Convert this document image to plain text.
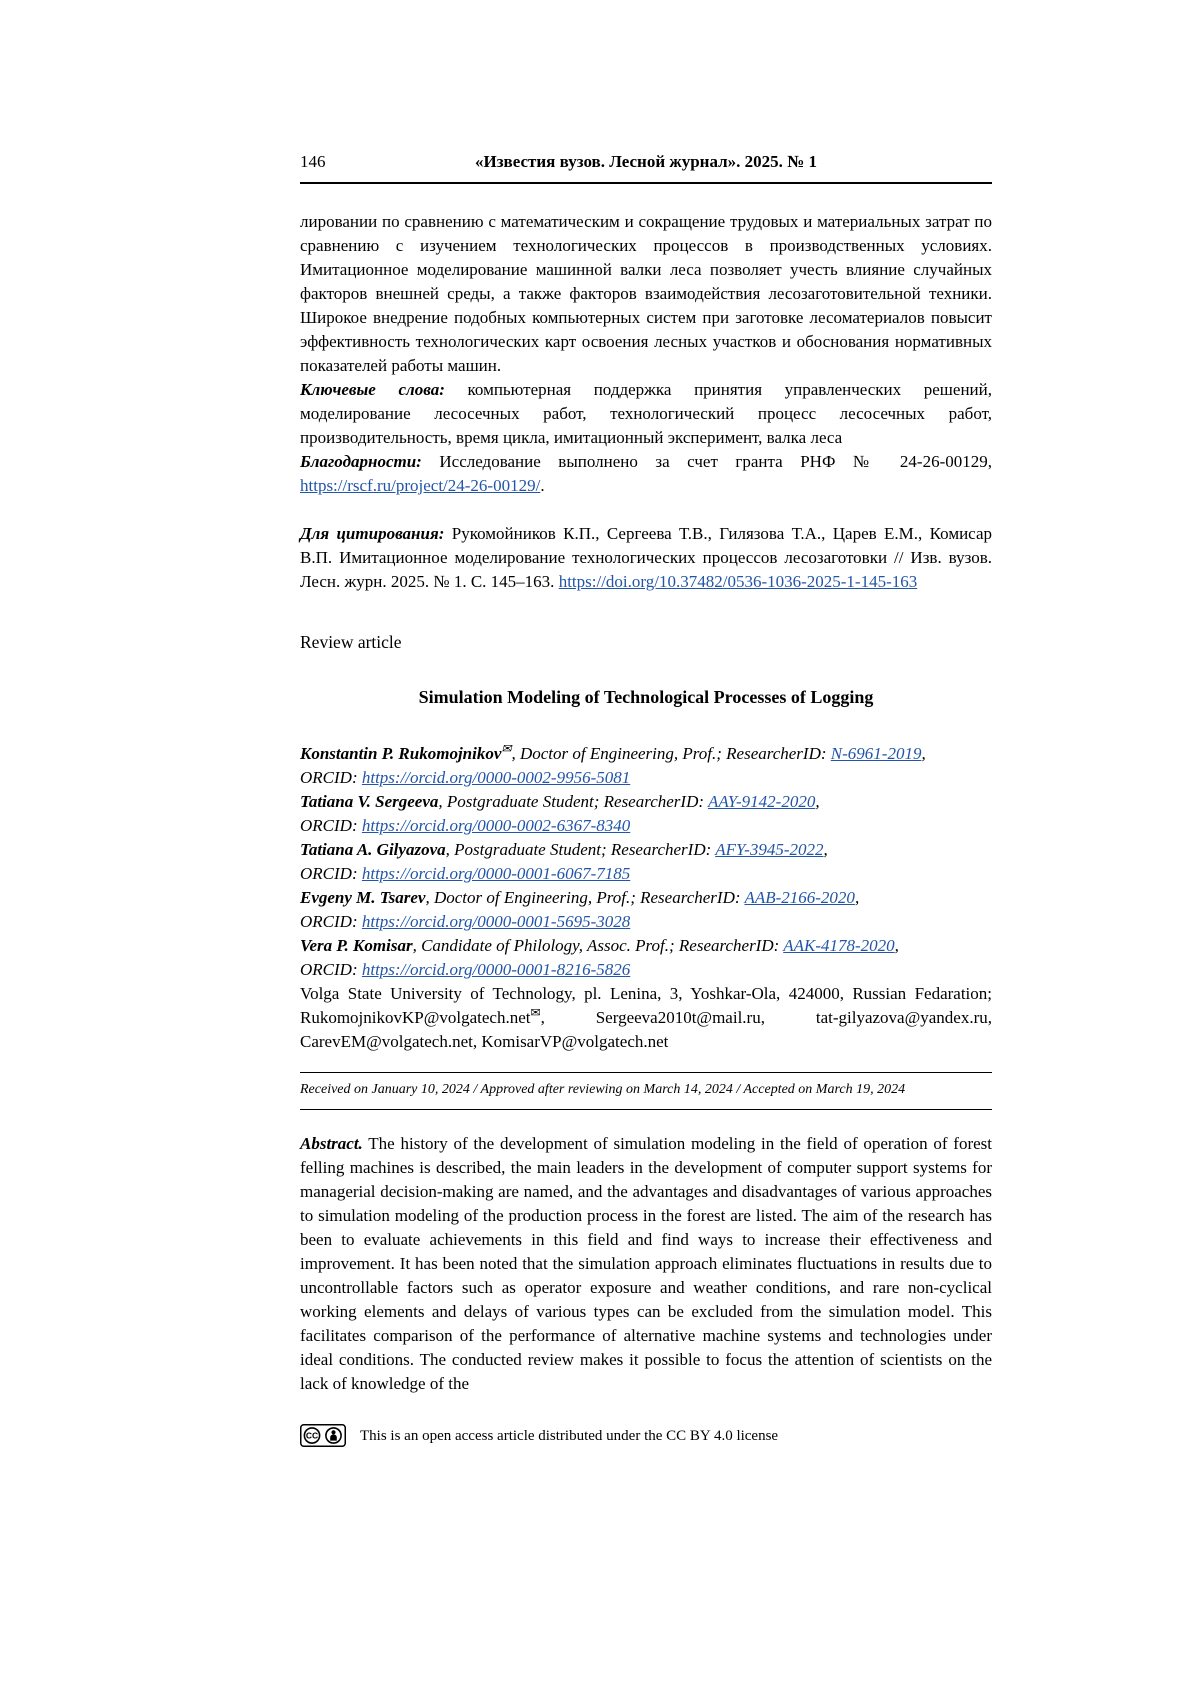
146	«Известия вузов. Лесной журнал». 2025. № 1

лировании по сравнению с математическим и сокращение трудовых и материальных затрат по сравнению с изучением технологических процессов в производственных условиях. Имитационное моделирование машинной валки леса позволяет учесть влияние случайных факторов внешней среды, а также факторов взаимодействия лесозаготовительной техники. Широкое внедрение подобных компьютерных систем при заготовке лесоматериалов повысит эффективность технологических карт освоения лесных участков и обоснования нормативных показателей работы машин.

Ключевые слова: компьютерная поддержка принятия управленческих решений, моделирование лесосечных работ, технологический процесс лесосечных работ, производительность, время цикла, имитационный эксперимент, валка леса

Благодарности: Исследование выполнено за счет гранта РНФ № 24-26-00129, https://rscf.ru/project/24-26-00129/.

Для цитирования: Рукомойников К.П., Сергеева Т.В., Гилязова Т.А., Царев Е.М., Комисар В.П. Имитационное моделирование технологических процессов лесозаготовки // Изв. вузов. Лесн. журн. 2025. № 1. С. 145–163. https://doi.org/10.37482/0536-1036-2025-1-145-163

Review article

Simulation Modeling of Technological Processes of Logging

Konstantin P. Rukomojnikov✉, Doctor of Engineering, Prof.; ResearcherID: N-6961-2019,
ORCID: https://orcid.org/0000-0002-9956-5081

Tatiana V. Sergeeva, Postgraduate Student; ResearcherID: AAY-9142-2020,
ORCID: https://orcid.org/0000-0002-6367-8340

Tatiana A. Gilyazova, Postgraduate Student; ResearcherID: AFY-3945-2022,
ORCID: https://orcid.org/0000-0001-6067-7185

Evgeny M. Tsarev, Doctor of Engineering, Prof.; ResearcherID: AAB-2166-2020,
ORCID: https://orcid.org/0000-0001-5695-3028

Vera P. Komisar, Candidate of Philology, Assoc. Prof.; ResearcherID: AAK-4178-2020,
ORCID: https://orcid.org/0000-0001-8216-5826

Volga State University of Technology, pl. Lenina, 3, Yoshkar-Ola, 424000, Russian Fedaration; RukomojnikovKP@volgatech.net✉, Sergeeva2010t@mail.ru, tat-gilyazova@yandex.ru, CarevEM@volgatech.net, KomisarVP@volgatech.net

Received on January 10, 2024 / Approved after reviewing on March 14, 2024 / Accepted on March 19, 2024

Abstract. The history of the development of simulation modeling in the field of operation of forest felling machines is described, the main leaders in the development of computer support systems for managerial decision-making are named, and the advantages and disadvantages of various approaches to simulation modeling of the production process in the forest are listed. The aim of the research has been to evaluate achievements in this field and find ways to increase their effectiveness and improvement. It has been noted that the simulation approach eliminates fluctuations in results due to uncontrollable factors such as operator exposure and weather conditions, and rare non-cyclical working elements and delays of various types can be excluded from the simulation model. This facilitates comparison of the performance of alternative machine systems and technologies under ideal conditions. The conducted review makes it possible to focus the attention of scientists on the lack of knowledge of the

CC	This is an open access article distributed under the CC BY 4.0 license
